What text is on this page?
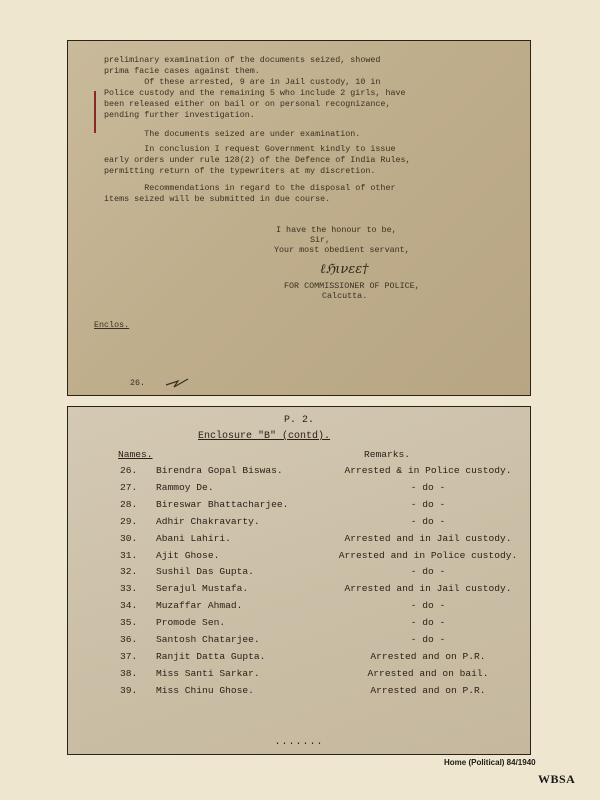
preliminary examination of the documents seized, showed
prima facie cases against them.
Of these arrested, 9 are in Jail custody, 10 in
Police custody and the remaining 5 who include 2 girls, have
been released either on bail or on personal recognizance,
pending further investigation.
The documents seized are under examination.
In conclusion I request Government kindly to issue
early orders under rule 128(2) of the Defence of India Rules,
permitting return of the typewriters at my discretion.
Recommendations in regard to the disposal of other
items seized will be submitted in due course.
I have the honour to be,
Sir,
Your most obedient servant,
ℓℌινεε†
FOR COMMISSIONER OF POLICE,
Calcutta.
Enclos.
26.
P. 2.
Enclosure "B" (contd).
Names.	Remarks.
26. Birendra Gopal Biswas.	Arrested & in Police custody.
27. Rammoy De.	- do -
28. Bireswar Bhattacharjee.	- do -
29. Adhir Chakravarty.	- do -
30. Abani Lahiri.	Arrested and in Jail custody.
31. Ajit Ghose.	Arrested and in Police custody.
32. Sushil Das Gupta.	- do -
33. Serajul Mustafa.	Arrested and in Jail custody.
34. Muzaffar Ahmad.	- do -
35. Promode Sen.	- do -
36. Santosh Chatarjee.	- do -
37. Ranjit Datta Gupta.	Arrested and on P.R.
38. Miss Santi Sarkar.	Arrested and on bail.
39. Miss Chinu Ghose.	Arrested and on P.R.
.......
Home (Political) 84/1940
WBSA
